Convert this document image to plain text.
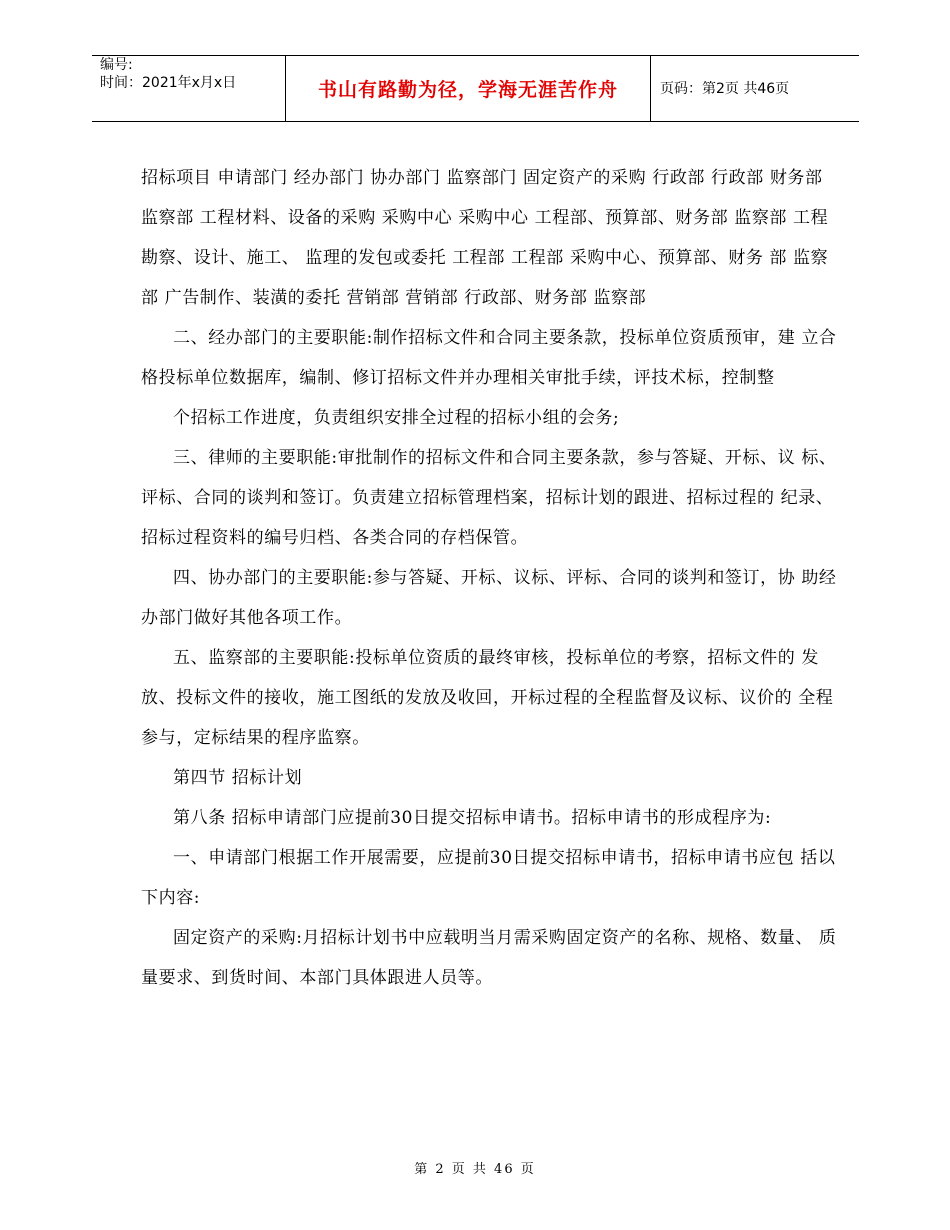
编号:
时间：2021年x月x日	书山有路勤为径，学海无涯苦作舟	页码：第2页 共46页

招标项目 申请部门 经办部门 协办部门 监察部门 固定资产的采购 行政部 行政部 财务部 监察部 工程材料、设备的采购 采购中心 采购中心 工程部、预算部、财务部 监察部 工程勘察、设计、施工、 监理的发包或委托 工程部 工程部 采购中心、预算部、财务 部 监察部 广告制作、装潢的委托 营销部 营销部 行政部、财务部 监察部

二、经办部门的主要职能:制作招标文件和合同主要条款，投标单位资质预审，建 立合格投标单位数据库，编制、修订招标文件并办理相关审批手续，评技术标，控制整

个招标工作进度，负责组织安排全过程的招标小组的会务;

三、律师的主要职能:审批制作的招标文件和合同主要条款，参与答疑、开标、议 标、评标、合同的谈判和签订。负责建立招标管理档案，招标计划的跟进、招标过程的 纪录、招标过程资料的编号归档、各类合同的存档保管。

四、协办部门的主要职能:参与答疑、开标、议标、评标、合同的谈判和签订，协 助经办部门做好其他各项工作。

五、监察部的主要职能:投标单位资质的最终审核，投标单位的考察，招标文件的 发放、投标文件的接收，施工图纸的发放及收回，开标过程的全程监督及议标、议价的 全程参与，定标结果的程序监察。

第四节 招标计划

第八条 招标申请部门应提前30日提交招标申请书。招标申请书的形成程序为:

一、申请部门根据工作开展需要，应提前30日提交招标申请书，招标申请书应包 括以下内容:

固定资产的采购:月招标计划书中应载明当月需采购固定资产的名称、规格、数量、 质量要求、到货时间、本部门具体跟进人员等。

第 2 页 共 46 页
